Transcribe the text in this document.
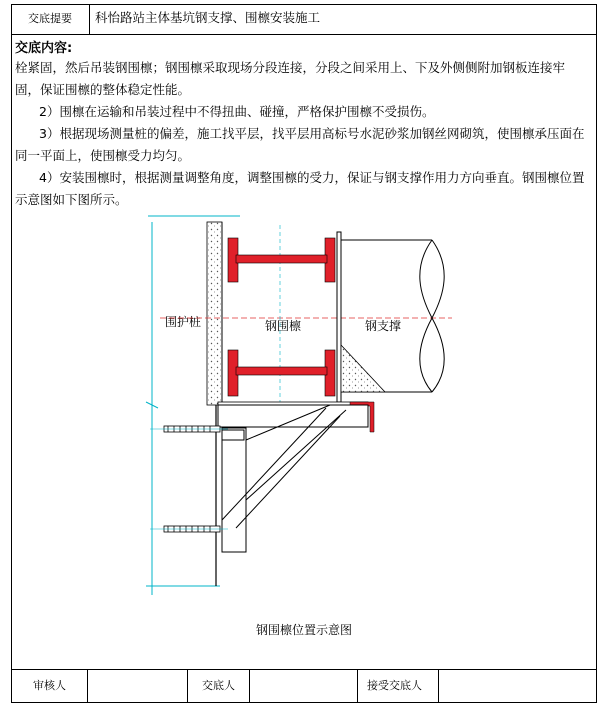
交底提要 科怡路站主体基坑钢支撑、围檩安装施工
交底内容:

栓紧固，然后吊装钢围檩；钢围檩采取现场分段连接，分段之间采用上、下及外侧侧附加钢板连接牢固，保证围檩的整体稳定性能。

2）围檩在运输和吊装过程中不得扭曲、碰撞，严格保护围檩不受损伤。

3）根据现场测量桩的偏差，施工找平层，找平层用高标号水泥砂浆加钢丝网砌筑，使围檩承压面在同一平面上，使围檩受力均匀。

4）安装围檩时，根据测量调整角度，调整围檩的受力，保证与钢支撑作用力方向垂直。钢围檩位置示意图如下图所示。

围护桩	钢围檩	钢支撑
钢围檩位置示意图
审核人	交底人	接受交底人
